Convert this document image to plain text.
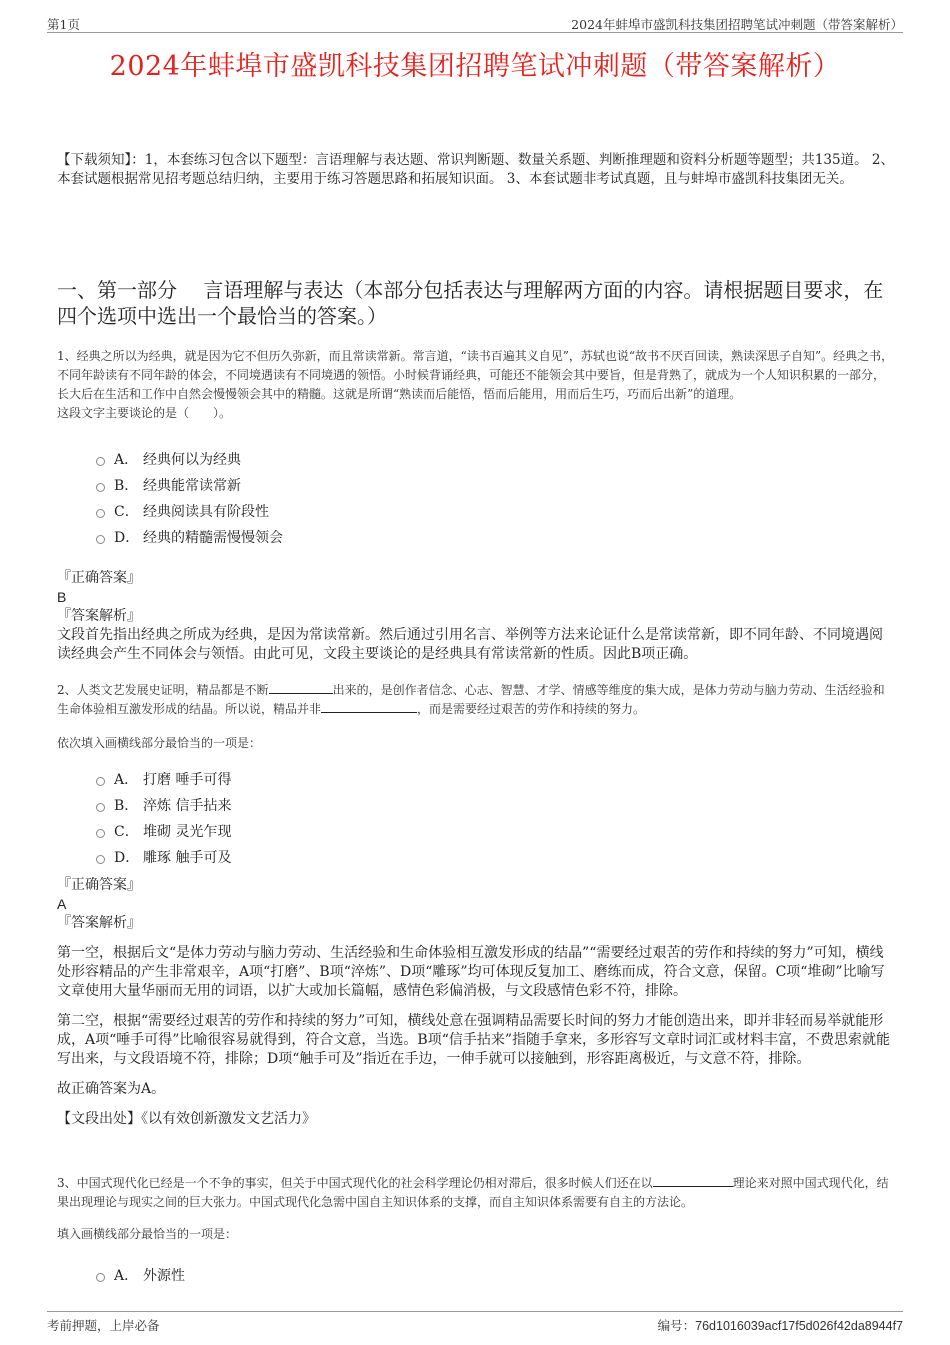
第1页	2024年蚌埠市盛凯科技集团招聘笔试冲刺题（带答案解析）
2024年蚌埠市盛凯科技集团招聘笔试冲刺题（带答案解析）
【下载须知】：1，本套练习包含以下题型：言语理解与表达题、常识判断题、数量关系题、判断推理题和资料分析题等题型；共135道。 2、本套试题根据常见招考题总结归纳，主要用于练习答题思路和拓展知识面。 3、本套试题非考试真题，且与蚌埠市盛凯科技集团无关。
一、第一部分　 言语理解与表达（本部分包括表达与理解两方面的内容。请根据题目要求，在四个选项中选出一个最恰当的答案。）

1、经典之所以为经典，就是因为它不但历久弥新，而且常读常新。常言道，“读书百遍其义自见”，苏轼也说“故书不厌百回读，熟读深思子自知”。经典之书，不同年龄读有不同年龄的体会，不同境遇读有不同境遇的领悟。小时候背诵经典，可能还不能领会其中要旨，但是背熟了，就成为一个人知识积累的一部分，长大后在生活和工作中自然会慢慢领会其中的精髓。这就是所谓“熟读而后能悟，悟而后能用，用而后生巧，巧而后出新”的道理。

这段文字主要谈论的是（　　）。

A． 经典何以为经典
B． 经典能常读常新
C． 经典阅读具有阶段性
D． 经典的精髓需慢慢领会

『正确答案』

B

『答案解析』

文段首先指出经典之所成为经典，是因为常读常新。然后通过引用名言、举例等方法来论证什么是常读常新，即不同年龄、不同境遇阅读经典会产生不同体会与领悟。由此可见，文段主要谈论的是经典具有常读常新的性质。因此B项正确。

2、人类文艺发展史证明，精品都是不断	出来的，是创作者信念、心志、智慧、才学、情感等维度的集大成，是体力劳动与脑力劳动、生活经验和生命体验相互激发形成的结晶。所以说，精品并非	，而是需要经过艰苦的劳作和持续的努力。

依次填入画横线部分最恰当的一项是：

A． 打磨 唾手可得
B． 淬炼 信手拈来
C． 堆砌 灵光乍现
D． 雕琢 触手可及

『正确答案』

A

『答案解析』

第一空，根据后文“是体力劳动与脑力劳动、生活经验和生命体验相互激发形成的结晶”“需要经过艰苦的劳作和持续的努力”可知，横线处形容精品的产生非常艰辛，A项“打磨”、B项“淬炼”、D项“雕琢”均可体现反复加工、磨练而成，符合文意，保留。C项“堆砌”比喻写文章使用大量华丽而无用的词语，以扩大或加长篇幅，感情色彩偏消极，与文段感情色彩不符，排除。

第二空，根据“需要经过艰苦的劳作和持续的努力”可知，横线处意在强调精品需要长时间的努力才能创造出来，即并非轻而易举就能形成，A项“唾手可得”比喻很容易就得到，符合文意，当选。B项“信手拈来”指随手拿来，多形容写文章时词汇或材料丰富，不费思索就能写出来，与文段语境不符，排除；D项“触手可及”指近在手边，一伸手就可以接触到，形容距离极近，与文意不符，排除。

故正确答案为A。

【文段出处】《以有效创新激发文艺活力》

3、中国式现代化已经是一个不争的事实，但关于中国式现代化的社会科学理论仍相对滞后，很多时候人们还在以	理论来对照中国式现代化，结果出现理论与现实之间的巨大张力。中国式现代化急需中国自主知识体系的支撑，而自主知识体系需要有自主的方法论。

填入画横线部分最恰当的一项是：

A． 外源性
考前押题，上岸必备	编号：76d1016039acf17f5d026f42da8944f7
